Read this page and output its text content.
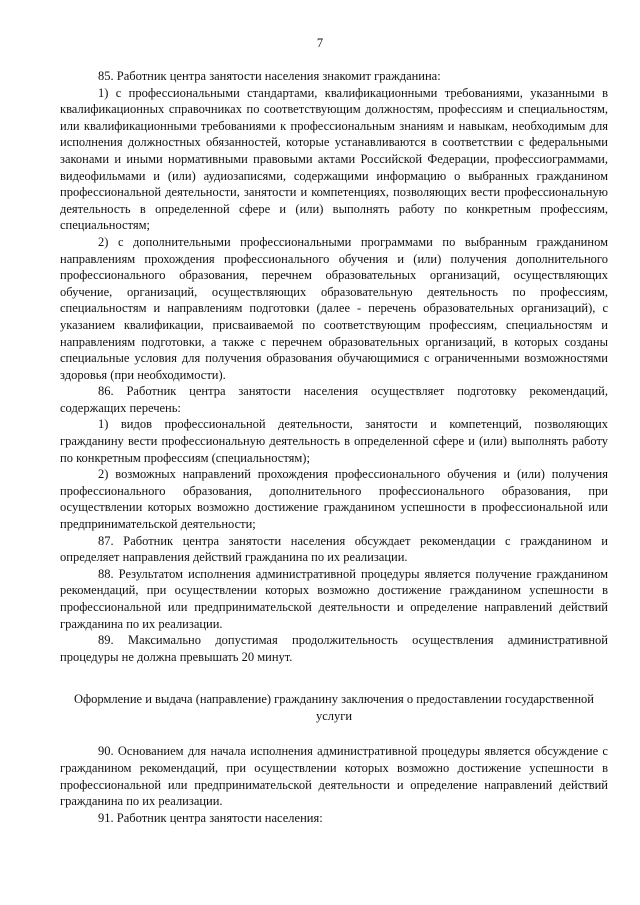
7

85. Работник центра занятости населения знакомит гражданина:

1) с профессиональными стандартами, квалификационными требованиями, указанными в квалификационных справочниках по соответствующим должностям, профессиям и специальностям, или квалификационными требованиями к профессиональным знаниям и навыкам, необходимым для исполнения должностных обязанностей, которые устанавливаются в соответствии с федеральными законами и иными нормативными правовыми актами Российской Федерации, профессиограммами, видеофильмами и (или) аудиозаписями, содержащими информацию о выбранных гражданином профессиональной деятельности, занятости и компетенциях, позволяющих вести профессиональную деятельность в определенной сфере и (или) выполнять работу по конкретным профессиям, специальностям;

2) с дополнительными профессиональными программами по выбранным гражданином направлениям прохождения профессионального обучения и (или) получения дополнительного профессионального образования, перечнем образовательных организаций, осуществляющих обучение, организаций, осуществляющих образовательную деятельность по профессиям, специальностям и направлениям подготовки (далее - перечень образовательных организаций), с указанием квалификации, присваиваемой по соответствующим профессиям, специальностям и направлениям подготовки, а также с перечнем образовательных организаций, в которых созданы специальные условия для получения образования обучающимися с ограниченными возможностями здоровья (при необходимости).

86. Работник центра занятости населения осуществляет подготовку рекомендаций, содержащих перечень:

1) видов профессиональной деятельности, занятости и компетенций, позволяющих гражданину вести профессиональную деятельность в определенной сфере и (или) выполнять работу по конкретным профессиям (специальностям);

2) возможных направлений прохождения профессионального обучения и (или) получения профессионального образования, дополнительного профессионального образования, при осуществлении которых возможно достижение гражданином успешности в профессиональной или предпринимательской деятельности;

87. Работник центра занятости населения обсуждает рекомендации с гражданином и определяет направления действий гражданина по их реализации.

88. Результатом исполнения административной процедуры является получение гражданином рекомендаций, при осуществлении которых возможно достижение гражданином успешности в профессиональной или предпринимательской деятельности и определение направлений действий гражданина по их реализации.

89. Максимально допустимая продолжительность осуществления административной процедуры не должна превышать 20 минут.

Оформление и выдача (направление) гражданину заключения о предоставлении государственной услуги

90. Основанием для начала исполнения административной процедуры является обсуждение с гражданином рекомендаций, при осуществлении которых возможно достижение успешности в профессиональной или предпринимательской деятельности и определение направлений действий гражданина по их реализации.

91. Работник центра занятости населения:
